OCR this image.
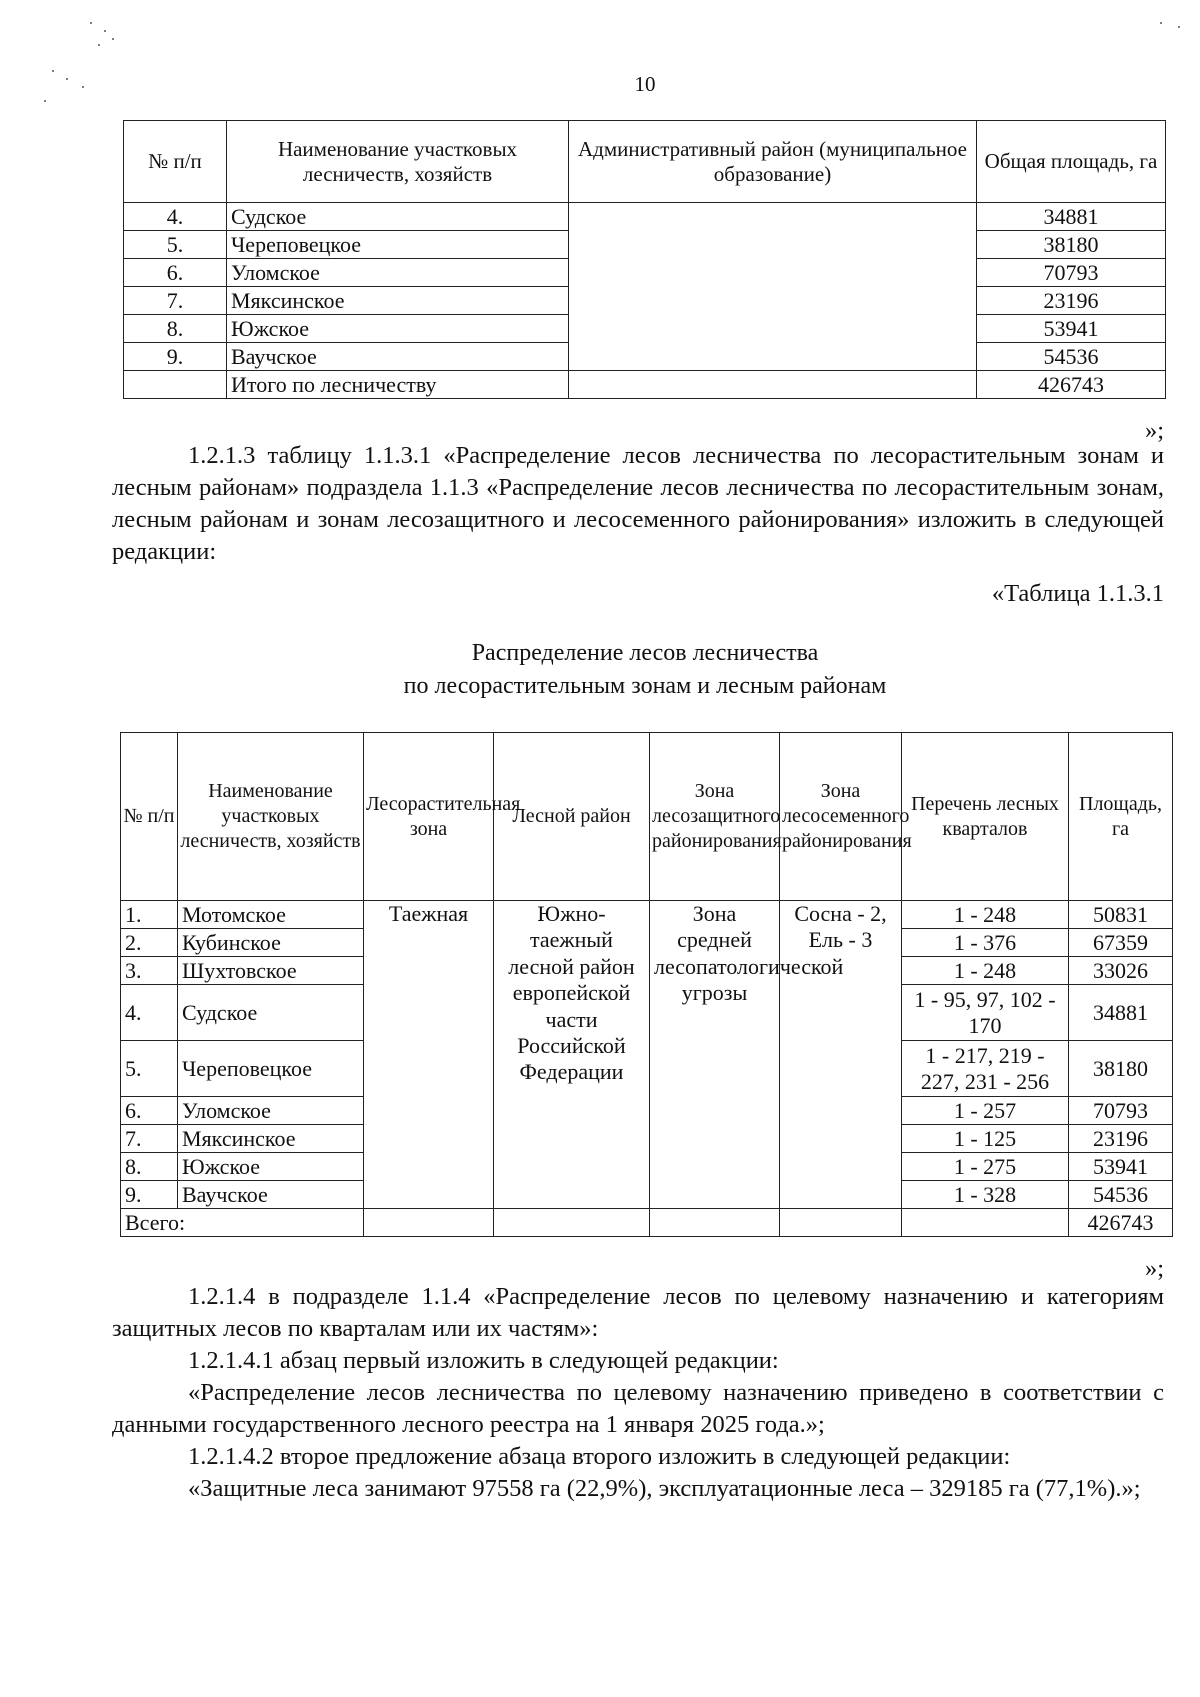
10
№ п/п	Наименование участковых лесничеств, хозяйств	Административный район (муниципальное образование)	Общая площадь, га
4.	Судское		34881
5.	Череповецкое		38180
6.	Уломское		70793
7.	Мяксинское		23196
8.	Южское		53941
9.	Ваучское		54536
	Итого по лесничеству		426743
»;
1.2.1.3 таблицу 1.1.3.1 «Распределение лесов лесничества по лесорастительным зонам и лесным районам» подраздела 1.1.3 «Распределение лесов лесничества по лесорастительным зонам, лесным районам и зонам лесозащитного и лесосеменного районирования» изложить в следующей редакции:
«Таблица 1.1.3.1
Распределение лесов лесничества
по лесорастительным зонам и лесным районам
№ п/п	Наименование участковых лесничеств, хозяйств	Лесорастительная зона	Лесной район	Зона лесозащитного районирования	Зона лесосеменного районирования	Перечень лесных кварталов	Площадь, га
1.	Мотомское	Таежная	Южно-таежный лесной район европейской части Российской Федерации	Зона средней лесопатологической угрозы	Сосна - 2, Ель - 3	1 - 248	50831
2.	Кубинское					1 - 376	67359
3.	Шухтовское					1 - 248	33026
4.	Судское					1 - 95, 97, 102 - 170	34881
5.	Череповецкое					1 - 217, 219 - 227, 231 - 256	38180
6.	Уломское					1 - 257	70793
7.	Мяксинское					1 - 125	23196
8.	Южское					1 - 275	53941
9.	Ваучское					1 - 328	54536
Всего:							426743
»;
1.2.1.4 в подразделе 1.1.4 «Распределение лесов по целевому назначению и категориям защитных лесов по кварталам или их частям»:
1.2.1.4.1 абзац первый изложить в следующей редакции:
«Распределение лесов лесничества по целевому назначению приведено в соответствии с данными государственного лесного реестра на 1 января 2025 года.»;
1.2.1.4.2 второе предложение абзаца второго изложить в следующей редакции:
«Защитные леса занимают 97558 га (22,9%), эксплуатационные леса – 329185 га (77,1%).»;
